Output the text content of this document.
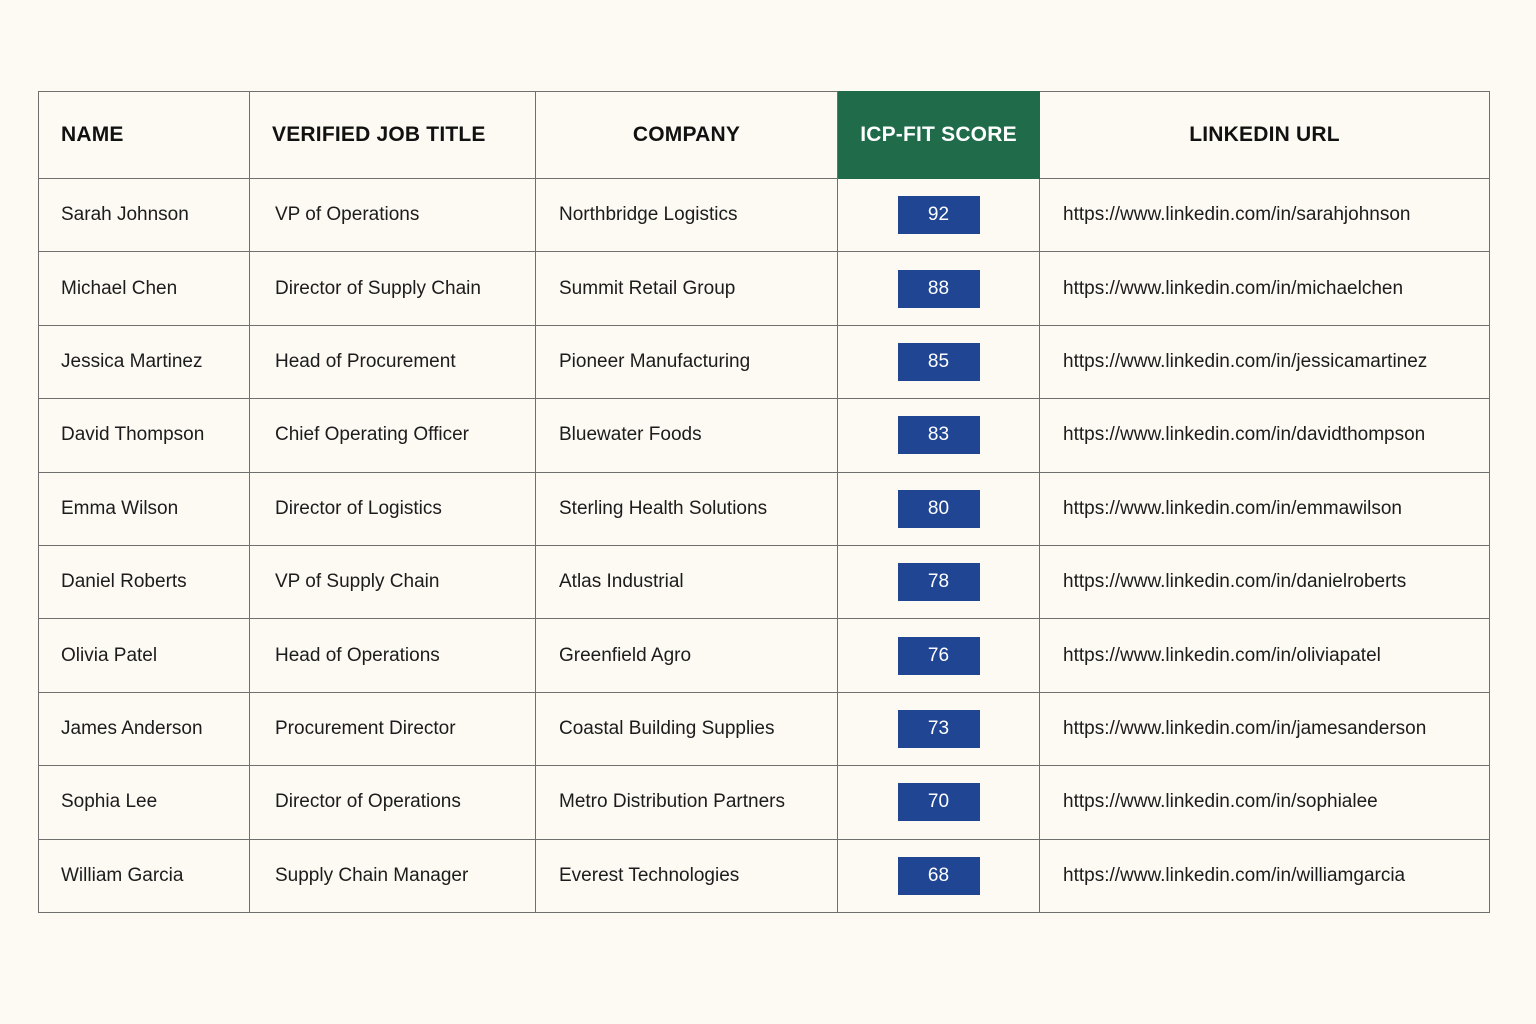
NAME	VERIFIED JOB TITLE	COMPANY	ICP-FIT SCORE	LINKEDIN URL
Sarah Johnson	VP of Operations	Northbridge Logistics	92	https://www.linkedin.com/in/sarahjohnson
Michael Chen	Director of Supply Chain	Summit Retail Group	88	https://www.linkedin.com/in/michaelchen
Jessica Martinez	Head of Procurement	Pioneer Manufacturing	85	https://www.linkedin.com/in/jessicamartinez
David Thompson	Chief Operating Officer	Bluewater Foods	83	https://www.linkedin.com/in/davidthompson
Emma Wilson	Director of Logistics	Sterling Health Solutions	80	https://www.linkedin.com/in/emmawilson
Daniel Roberts	VP of Supply Chain	Atlas Industrial	78	https://www.linkedin.com/in/danielroberts
Olivia Patel	Head of Operations	Greenfield Agro	76	https://www.linkedin.com/in/oliviapatel
James Anderson	Procurement Director	Coastal Building Supplies	73	https://www.linkedin.com/in/jamesanderson
Sophia Lee	Director of Operations	Metro Distribution Partners	70	https://www.linkedin.com/in/sophialee
William Garcia	Supply Chain Manager	Everest Technologies	68	https://www.linkedin.com/in/williamgarcia
